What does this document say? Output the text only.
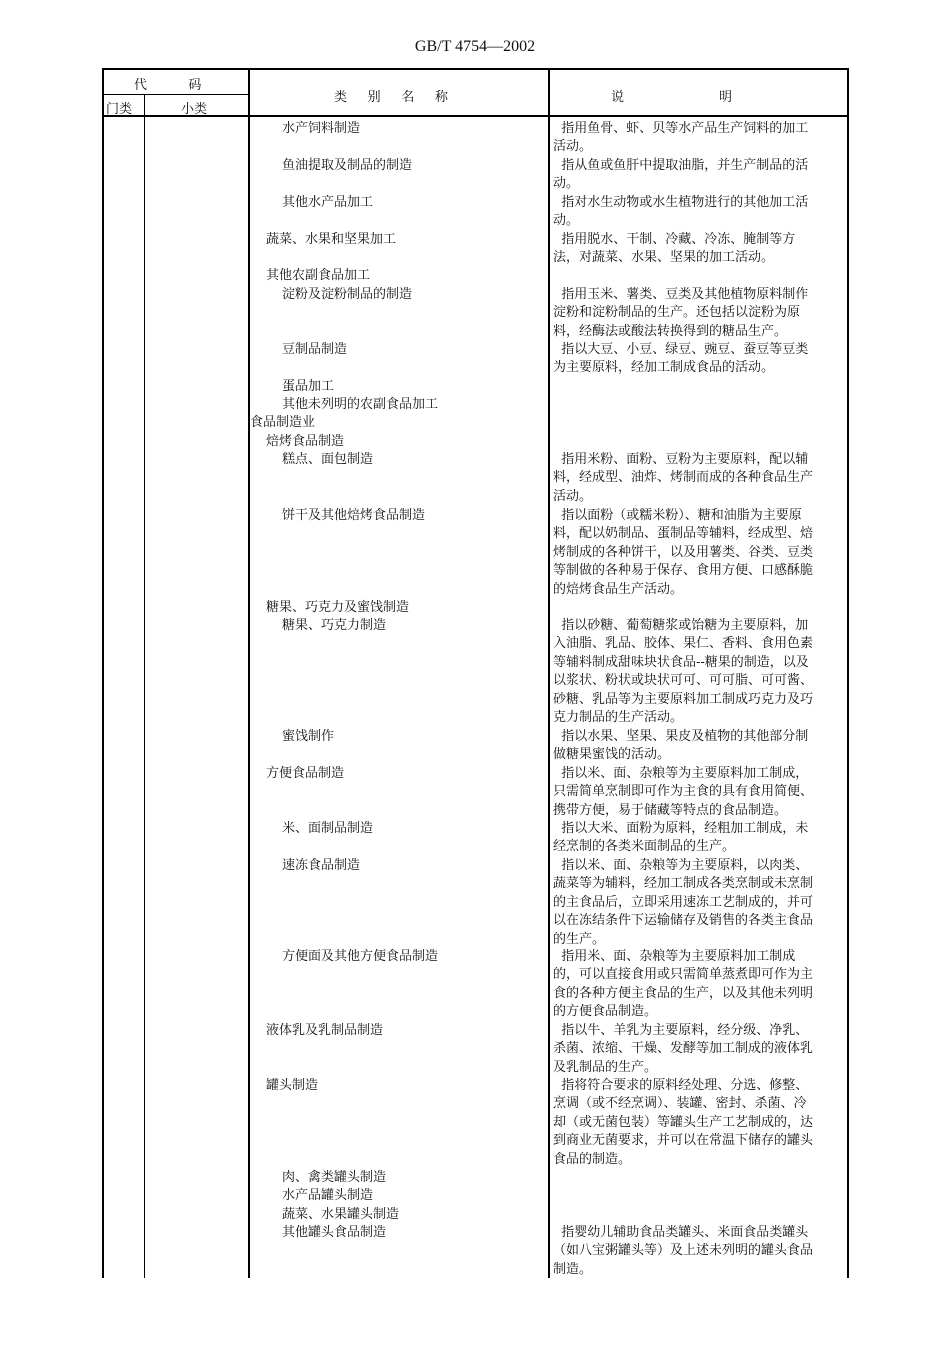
GB/T 4754—2002
代          码
门类	小类
类     别     名     称	说                       明
水产饲料制造	指用鱼骨、虾、贝等水产品生产饲料的加工
活动。
鱼油提取及制品的制造	指从鱼或鱼肝中提取油脂，并生产制品的活
动。
其他水产品加工	指对水生动物或水生植物进行的其他加工活
动。
蔬菜、水果和坚果加工	指用脱水、干制、冷藏、冷冻、腌制等方
法，对蔬菜、水果、坚果的加工活动。
其他农副食品加工
淀粉及淀粉制品的制造	指用玉米、薯类、豆类及其他植物原料制作
淀粉和淀粉制品的生产。还包括以淀粉为原
料，经酶法或酸法转换得到的糖品生产。
豆制品制造	指以大豆、小豆、绿豆、豌豆、蚕豆等豆类
为主要原料，经加工制成食品的活动。
蛋品加工
其他未列明的农副食品加工
食品制造业
焙烤食品制造
糕点、面包制造	指用米粉、面粉、豆粉为主要原料，配以辅
料，经成型、油炸、烤制而成的各种食品生产
活动。
饼干及其他焙烤食品制造	指以面粉（或糯米粉）、糖和油脂为主要原
料，配以奶制品、蛋制品等辅料，经成型、焙
烤制成的各种饼干，以及用薯类、谷类、豆类
等制做的各种易于保存、食用方便、口感酥脆
的焙烤食品生产活动。
糖果、巧克力及蜜饯制造
糖果、巧克力制造	指以砂糖、葡萄糖浆或饴糖为主要原料，加
入油脂、乳品、胶体、果仁、香料、食用色素
等辅料制成甜味块状食品--糖果的制造，以及
以浆状、粉状或块状可可、可可脂、可可酱、
砂糖、乳品等为主要原料加工制成巧克力及巧
克力制品的生产活动。
蜜饯制作	指以水果、坚果、果皮及植物的其他部分制
做糖果蜜饯的活动。
方便食品制造	指以米、面、杂粮等为主要原料加工制成，
只需简单烹制即可作为主食的具有食用简便、
携带方便，易于储藏等特点的食品制造。
米、面制品制造	指以大米、面粉为原料，经粗加工制成，未
经烹制的各类米面制品的生产。
速冻食品制造	指以米、面、杂粮等为主要原料，以肉类、
蔬菜等为辅料，经加工制成各类烹制或未烹制
的主食品后，立即采用速冻工艺制成的，并可
以在冻结条件下运输储存及销售的各类主食品
的生产。
方便面及其他方便食品制造	指用米、面、杂粮等为主要原料加工制成
的，可以直接食用或只需简单蒸煮即可作为主
食的各种方便主食品的生产，以及其他未列明
的方便食品制造。
液体乳及乳制品制造	指以牛、羊乳为主要原料，经分级、净乳、
杀菌、浓缩、干燥、发酵等加工制成的液体乳
及乳制品的生产。
罐头制造	指将符合要求的原料经处理、分选、修整、
烹调（或不经烹调）、装罐、密封、杀菌、冷
却（或无菌包装）等罐头生产工艺制成的，达
到商业无菌要求，并可以在常温下储存的罐头
食品的制造。
肉、禽类罐头制造
水产品罐头制造
蔬菜、水果罐头制造
其他罐头食品制造	指婴幼儿辅助食品类罐头、米面食品类罐头
（如八宝粥罐头等）及上述未列明的罐头食品
制造。
